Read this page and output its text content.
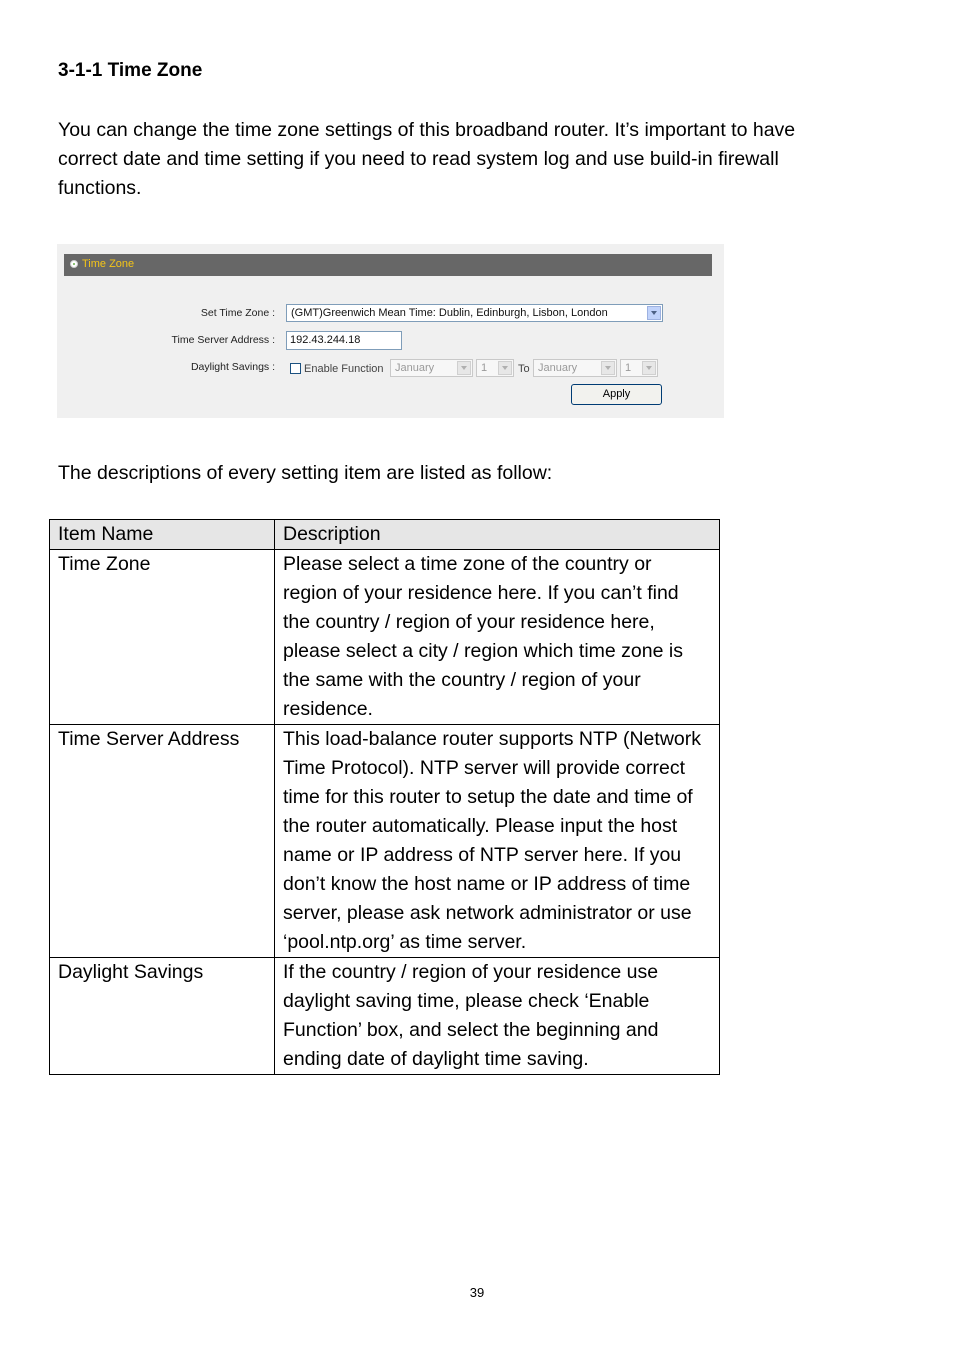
3-1-1 Time Zone
You can change the time zone settings of this broadband router. It’s important to have correct date and time setting if you need to read system log and use build-in firewall functions.
Time Zone
Set Time Zone :	(GMT)Greenwich Mean Time: Dublin, Edinburgh, Lisbon, London
Time Server Address :	192.43.244.18
Daylight Savings :	Enable Function	January	1	To January	1
Apply
The descriptions of every setting item are listed as follow:
Item Name	Description
Time Zone	Please select a time zone of the country or region of your residence here. If you can’t find the country / region of your residence here, please select a city / region which time zone is the same with the country / region of your residence.
Time Server Address	This load-balance router supports NTP (Network Time Protocol). NTP server will provide correct time for this router to setup the date and time of the router automatically. Please input the host name or IP address of NTP server here. If you don’t know the host name or IP address of time server, please ask network administrator or use ‘pool.ntp.org’ as time server.
Daylight Savings	If the country / region of your residence use daylight saving time, please check ‘Enable Function’ box, and select the beginning and ending date of daylight time saving.
39
